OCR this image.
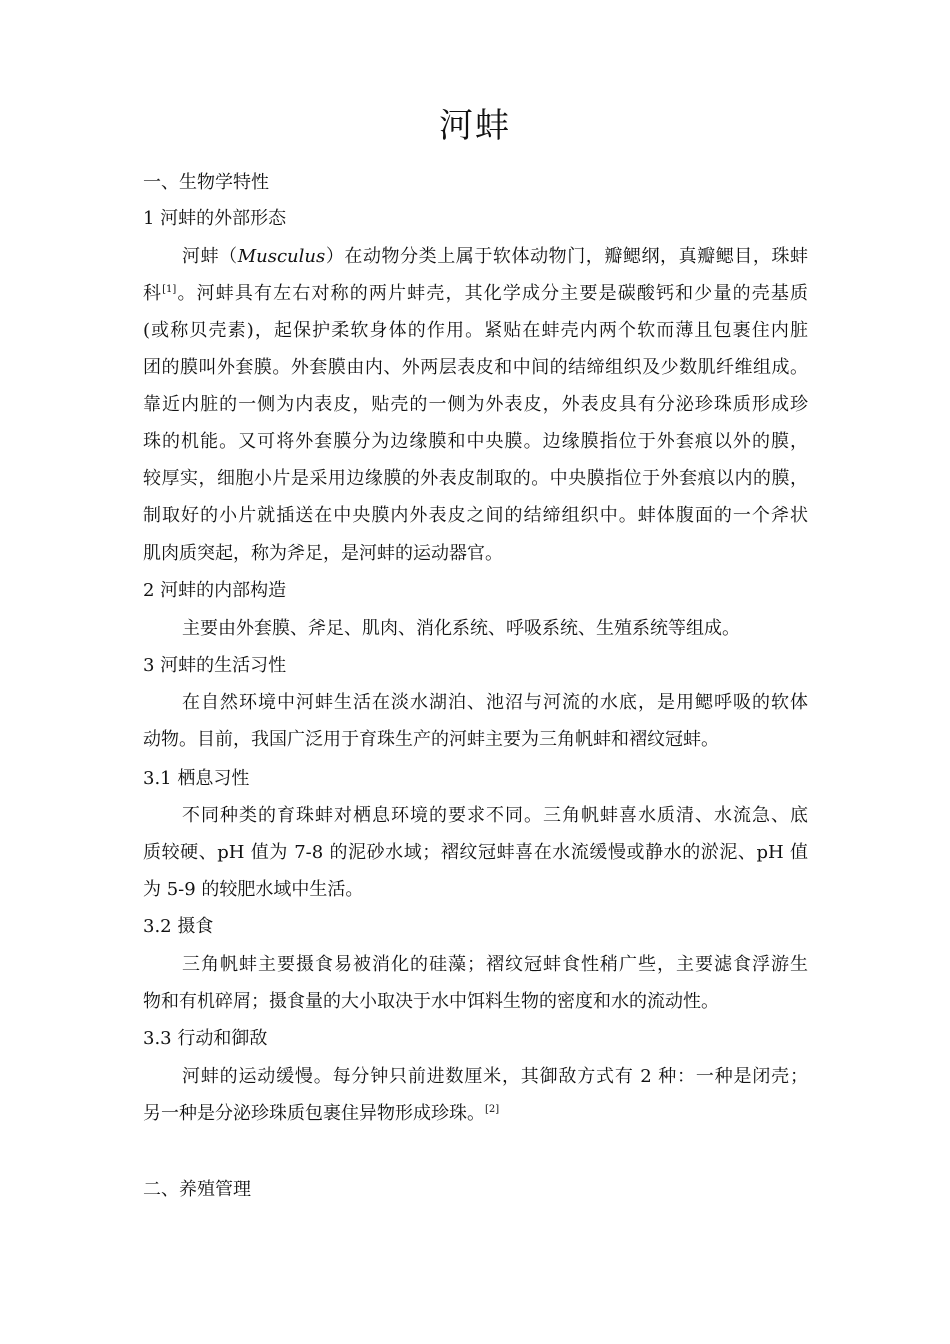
河蚌
一、生物学特性
1 河蚌的外部形态
河蚌（Musculus）在动物分类上属于软体动物门，瓣鳃纲，真瓣鳃目，珠蚌
科[1]。河蚌具有左右对称的两片蚌壳，其化学成分主要是碳酸钙和少量的壳基质
(或称贝壳素)，起保护柔软身体的作用。紧贴在蚌壳内两个软而薄且包裹住内脏
团的膜叫外套膜。外套膜由内、外两层表皮和中间的结缔组织及少数肌纤维组成。
靠近内脏的一侧为内表皮，贴壳的一侧为外表皮，外表皮具有分泌珍珠质形成珍
珠的机能。又可将外套膜分为边缘膜和中央膜。边缘膜指位于外套痕以外的膜，
较厚实，细胞小片是采用边缘膜的外表皮制取的。中央膜指位于外套痕以内的膜，
制取好的小片就插送在中央膜内外表皮之间的结缔组织中。蚌体腹面的一个斧状
肌肉质突起，称为斧足，是河蚌的运动器官。
2 河蚌的内部构造
主要由外套膜、斧足、肌肉、消化系统、呼吸系统、生殖系统等组成。
3 河蚌的生活习性
在自然环境中河蚌生活在淡水湖泊、池沼与河流的水底，是用鳃呼吸的软体
动物。目前，我国广泛用于育珠生产的河蚌主要为三角帆蚌和褶纹冠蚌。
3.1 栖息习性
不同种类的育珠蚌对栖息环境的要求不同。三角帆蚌喜水质清、水流急、底
质较硬、pH 值为 7-8 的泥砂水域；褶纹冠蚌喜在水流缓慢或静水的淤泥、pH 值
为 5-9 的较肥水域中生活。
3.2 摄食
三角帆蚌主要摄食易被消化的硅藻；褶纹冠蚌食性稍广些，主要滤食浮游生
物和有机碎屑；摄食量的大小取决于水中饵料生物的密度和水的流动性。
3.3 行动和御敌
河蚌的运动缓慢。每分钟只前进数厘米，其御敌方式有 2 种：一种是闭壳；
另一种是分泌珍珠质包裹住异物形成珍珠。[2]
二、养殖管理
